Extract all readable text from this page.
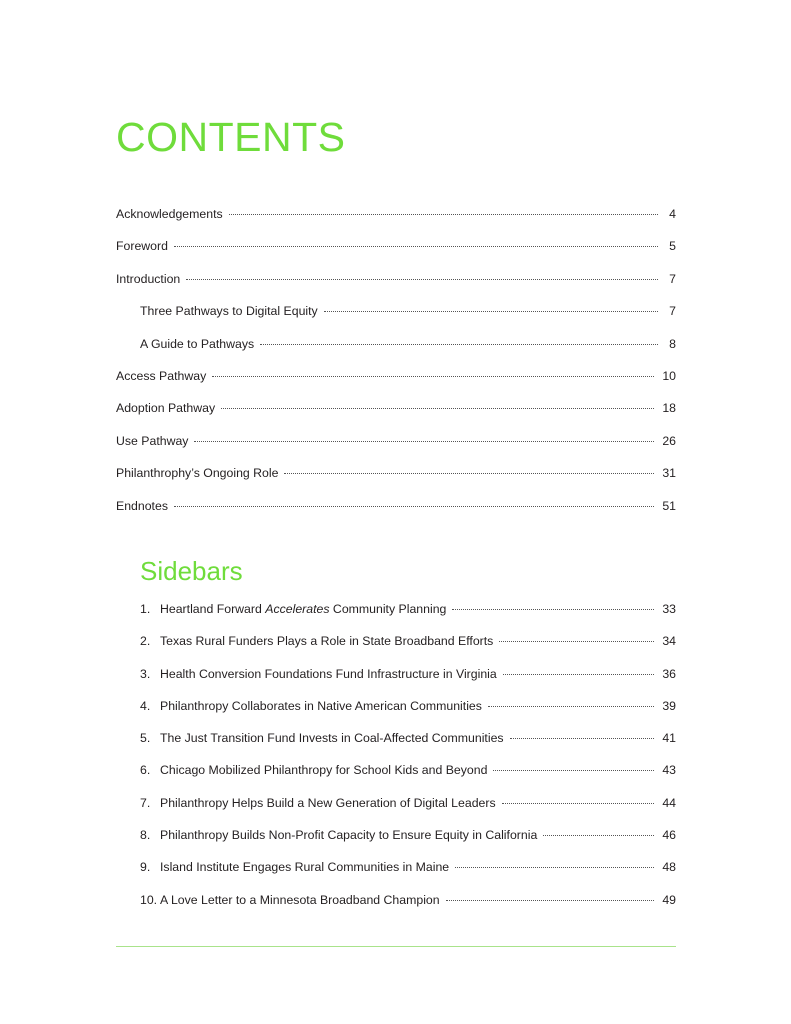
CONTENTS
Acknowledgements	4
Foreword	5
Introduction	7
Three Pathways to Digital Equity	7
A Guide to Pathways	8
Access Pathway	10
Adoption Pathway	18
Use Pathway	26
Philanthrophy’s Ongoing Role	31
Endnotes	51
Sidebars
1. Heartland Forward Accelerates Community Planning	33
2. Texas Rural Funders Plays a Role in State Broadband Efforts	34
3. Health Conversion Foundations Fund Infrastructure in Virginia	36
4. Philanthropy Collaborates in Native American Communities	39
5. The Just Transition Fund Invests in Coal-Affected Communities	41
6. Chicago Mobilized Philanthropy for School Kids and Beyond	43
7. Philanthropy Helps Build a New Generation of Digital Leaders	44
8. Philanthropy Builds Non-Profit Capacity to Ensure Equity in California	46
9. Island Institute Engages Rural Communities in Maine	48
10. A Love Letter to a Minnesota Broadband Champion	49
